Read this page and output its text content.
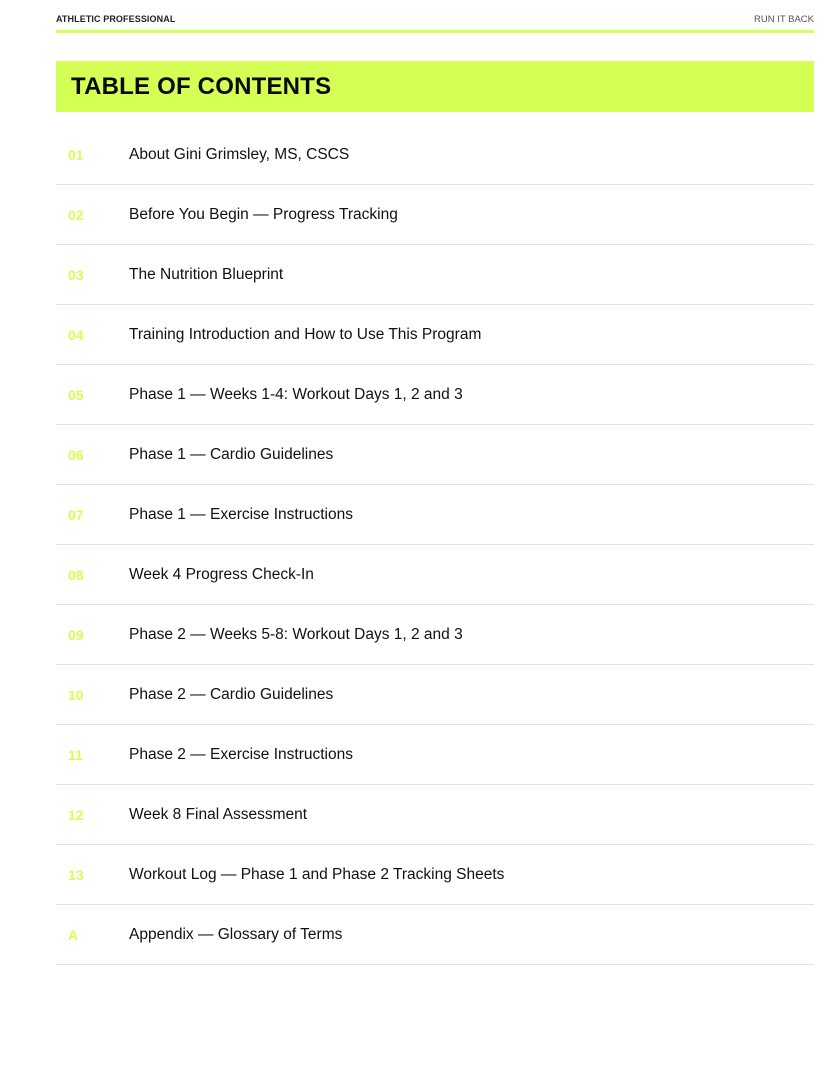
ATHLETIC PROFESSIONAL	RUN IT BACK
TABLE OF CONTENTS
01	About Gini Grimsley, MS, CSCS
02	Before You Begin — Progress Tracking
03	The Nutrition Blueprint
04	Training Introduction and How to Use This Program
05	Phase 1 — Weeks 1-4: Workout Days 1, 2 and 3
06	Phase 1 — Cardio Guidelines
07	Phase 1 — Exercise Instructions
08	Week 4 Progress Check-In
09	Phase 2 — Weeks 5-8: Workout Days 1, 2 and 3
10	Phase 2 — Cardio Guidelines
11	Phase 2 — Exercise Instructions
12	Week 8 Final Assessment
13	Workout Log — Phase 1 and Phase 2 Tracking Sheets
A	Appendix — Glossary of Terms
